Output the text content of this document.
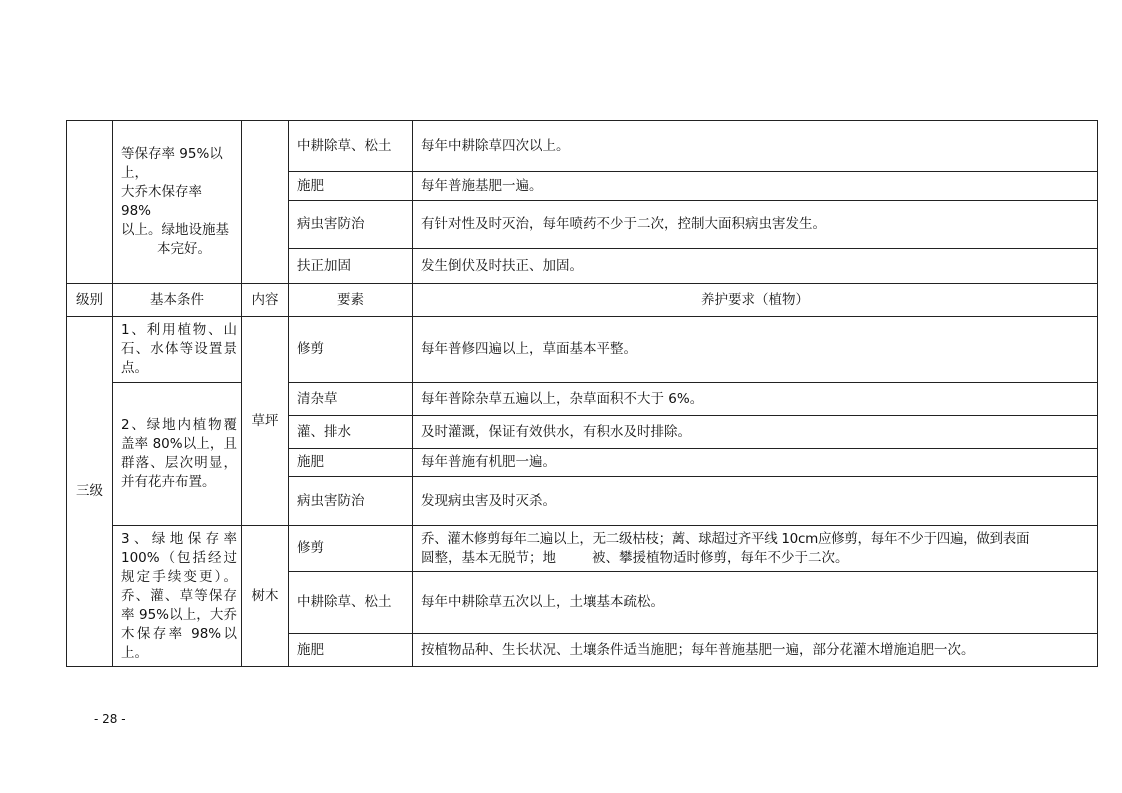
	等保存率 95%以上，
大乔木保存率 98%
以上。绿地设施基
本完好。		中耕除草、松土	每年中耕除草四次以上。
			施肥	每年普施基肥一遍。
			病虫害防治	有针对性及时灭治，每年喷药不少于二次，控制大面积病虫害发生。
			扶正加固	发生倒伏及时扶正、加固。
级别	基本条件	内容	要素	养护要求（植物）
三级	1、利用植物、山石、水体等设置景点。	草坪	修剪	每年普修四遍以上，草面基本平整。
	2、绿地内植物覆盖率 80%以上，且群落、层次明显，并有花卉布置。		清杂草	每年普除杂草五遍以上，杂草面积不大于 6%。
			灌、排水	及时灌溉，保证有效供水，有积水及时排除。
			施肥	每年普施有机肥一遍。
			病虫害防治	发现病虫害及时灭杀。
	3、绿地保存率 100%（包括经过规定手续变更）。乔、灌、草等保存率 95%以上，大乔木保存率 98%以上。	树木	修剪	乔、灌木修剪每年二遍以上，无二级枯枝；蓠、球超过齐平线 10cm应修剪，每年不少于四遍，做到表面
圆整，基本无脱节；地 被、攀援植物适时修剪，每年不少于二次。

			中耕除草、松土	每年中耕除草五次以上，土壤基本疏松。
			施肥	按植物品种、生长状况、土壤条件适当施肥；每年普施基肥一遍，部分花灌木增施追肥一次。
- 28 -
